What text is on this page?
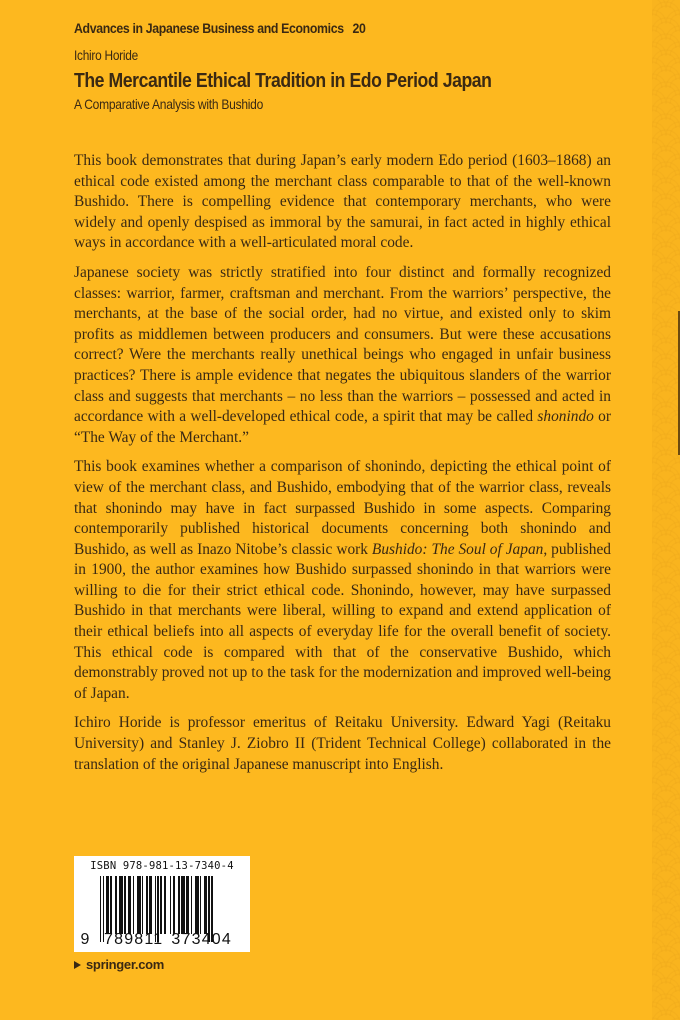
Advances in Japanese Business and Economics 20
Ichiro Horide
The Mercantile Ethical Tradition in Edo Period Japan
A Comparative Analysis with Bushido

This book demonstrates that during Japan’s early modern Edo period (1603–1868) an ethical code existed among the merchant class comparable to that of the well-known Bushido. There is compelling evidence that contemporary merchants, who were widely and openly despised as immoral by the samurai, in fact acted in highly ethical ways in accordance with a well-articulated moral code.

Japanese society was strictly stratified into four distinct and formally recognized classes: warrior, farmer, craftsman and merchant. From the warriors’ perspective, the merchants, at the base of the social order, had no virtue, and existed only to skim profits as middlemen between producers and consumers. But were these accusations correct? Were the merchants really unethical beings who engaged in unfair business practices? There is ample evidence that negates the ubiquitous slanders of the warrior class and suggests that merchants – no less than the warriors – possessed and acted in accordance with a well-developed ethical code, a spirit that may be called shonindo or “The Way of the Merchant.”

This book examines whether a comparison of shonindo, depicting the ethical point of view of the merchant class, and Bushido, embodying that of the warrior class, reveals that shonindo may have in fact surpassed Bushido in some aspects. Comparing contemporarily published historical documents concerning both shonindo and Bushido, as well as Inazo Nitobe’s classic work Bushido: The Soul of Japan, published in 1900, the author examines how Bushido surpassed shonindo in that warriors were willing to die for their strict ethical code. Shonindo, however, may have surpassed Bushido in that merchants were liberal, willing to expand and extend application of their ethical beliefs into all aspects of everyday life for the overall benefit of society. This ethical code is compared with that of the conservative Bushido, which demonstrably proved not up to the task for the modernization and improved well-being of Japan.

Ichiro Horide is professor emeritus of Reitaku University. Edward Yagi (Reitaku University) and Stanley J. Ziobro II (Trident Technical College) collaborated in the translation of the original Japanese manuscript into English.

ISBN 978-981-13-7340-4
9 789811 373404
springer.com
